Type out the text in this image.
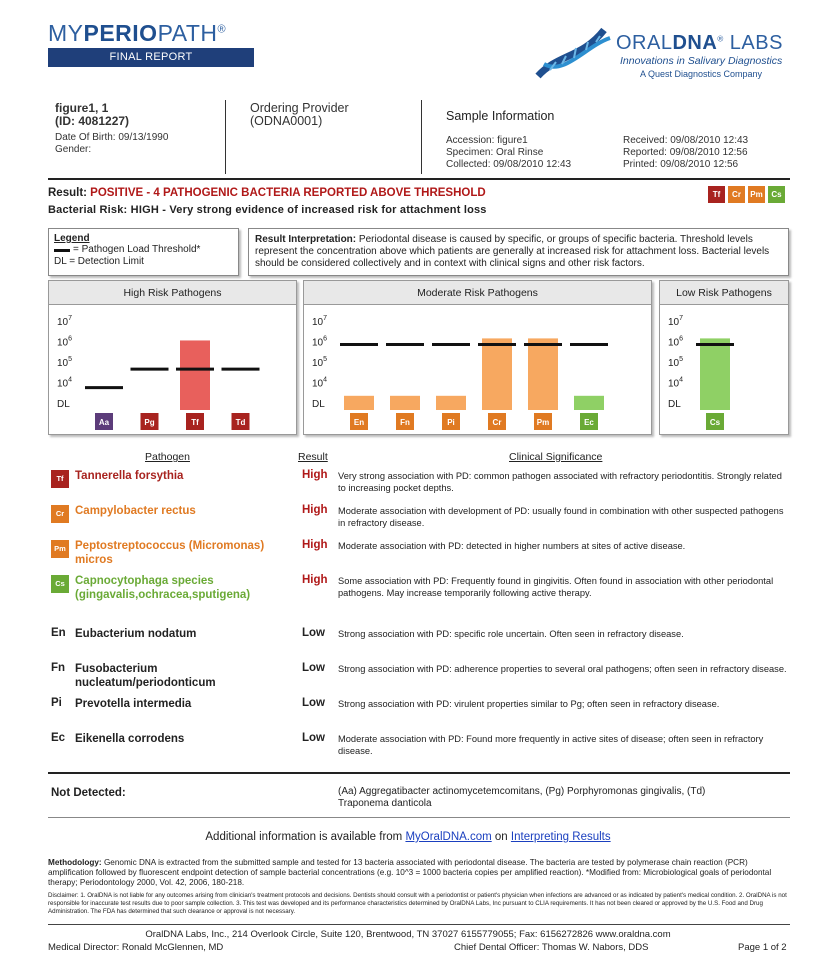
MYPERIOPATH®
FINAL REPORT
ORALDNA® LABS
Innovations in Salivary Diagnostics
A Quest Diagnostics Company
figure1, 1
(ID: 4081227)
Date Of Birth: 09/13/1990
Gender:
Ordering Provider
(ODNA0001)	Sample Information
Accession: figure1
Specimen: Oral Rinse
Collected: 09/08/2010 12:43
Received: 09/08/2010 12:43
Reported: 09/08/2010 12:56
Printed: 09/08/2010 12:56
Result: POSITIVE - 4 PATHOGENIC BACTERIA REPORTED ABOVE THRESHOLD
Bacterial Risk: HIGH - Very strong evidence of increased risk for attachment loss
Tf	Cr	Pm	Cs
Legend
= Pathogen Load Threshold*
DL = Detection Limit
Result Interpretation: Periodontal disease is caused by specific, or groups of specific bacteria. Threshold levels represent the concentration above which patients are generally at increased risk for attachment loss. Bacterial levels should be considered collectively and in context with clinical signs and other risk factors.
High Risk Pathogens
$10^7$
$10^6$
$10^5$
$10^4$
DL
Aa	Pg	Tf	Td
Moderate Risk Pathogens
$10^7$
$10^6$
$10^5$
$10^4$
DL
En	Fn	Pi	Cr	Pm	Ec
Low Risk Pathogens
$10^7$
$10^6$
$10^5$
$10^4$
DL
Cs
Pathogen	Result	Clinical Significance
Tf Tannerella forsythia	High Very strong association with PD: common pathogen associated with refractory periodontitis. Strongly related to increasing pocket depths.
Cr Campylobacter rectus	High Moderate association with development of PD: usually found in combination with other suspected pathogens in refractory disease.
Pm Peptostreptococcus (Micromonas)
micros
High Moderate association with PD: detected in higher numbers at sites of active disease.
Cs Capnocytophaga species
(gingavalis,ochracea,sputigena)
High Some association with PD: Frequently found in gingivitis. Often found in association with other periodontal pathogens. May increase temporarily following active therapy.
En Eubacterium nodatum	Low Strong association with PD: specific role uncertain. Often seen in refractory disease.
Fn Fusobacterium
nucleatum/periodonticum
Low Strong association with PD: adherence properties to several oral pathogens; often seen in refractory disease.
Pi Prevotella intermedia	Low Strong association with PD: virulent properties similar to Pg; often seen in refractory disease.
Ec Eikenella corrodens	Low Moderate association with PD: Found more frequently in active sites of disease; often seen in refractory disease.
Not Detected:	(Aa) Aggregatibacter actinomycetemcomitans, (Pg) Porphyromonas gingivalis, (Td) Traponema danticola
Additional information is available from MyOralDNA.com on Interpreting Results
Methodology: Genomic DNA is extracted from the submitted sample and tested for 13 bacteria associated with periodontal disease. The bacteria are tested by polymerase chain reaction (PCR) amplification followed by fluorescent endpoint detection of sample bacterial concentrations (e.g. 10^3 = 1000 bacteria copies per amplified reaction). *Modified from: Microbiological goals of periodontal therapy; Periodontology 2000, Vol. 42, 2006, 180-218.
Disclaimer: 1. OralDNA is not liable for any outcomes arising from clinician's treatment protocols and decisions. Dentists should consult with a periodontist or patient's physician when infections are advanced or as indicated by patient's medical condition. 2. OralDNA is not responsible for inaccurate test results due to poor sample collection. 3. This test was developed and its performance characteristics determined by OralDNA Labs, Inc pursuant to CLIA requirements. It has not been cleared or approved by the U.S. Food and Drug Administration. The FDA has determined that such clearance or approval is not necessary.
OralDNA Labs, Inc., 214 Overlook Circle, Suite 120, Brentwood, TN 37027 6155779055; Fax: 6156272826 www.oraldna.com
Medical Director: Ronald McGlennen, MD	Chief Dental Officer: Thomas W. Nabors, DDS	Page 1 of 2
